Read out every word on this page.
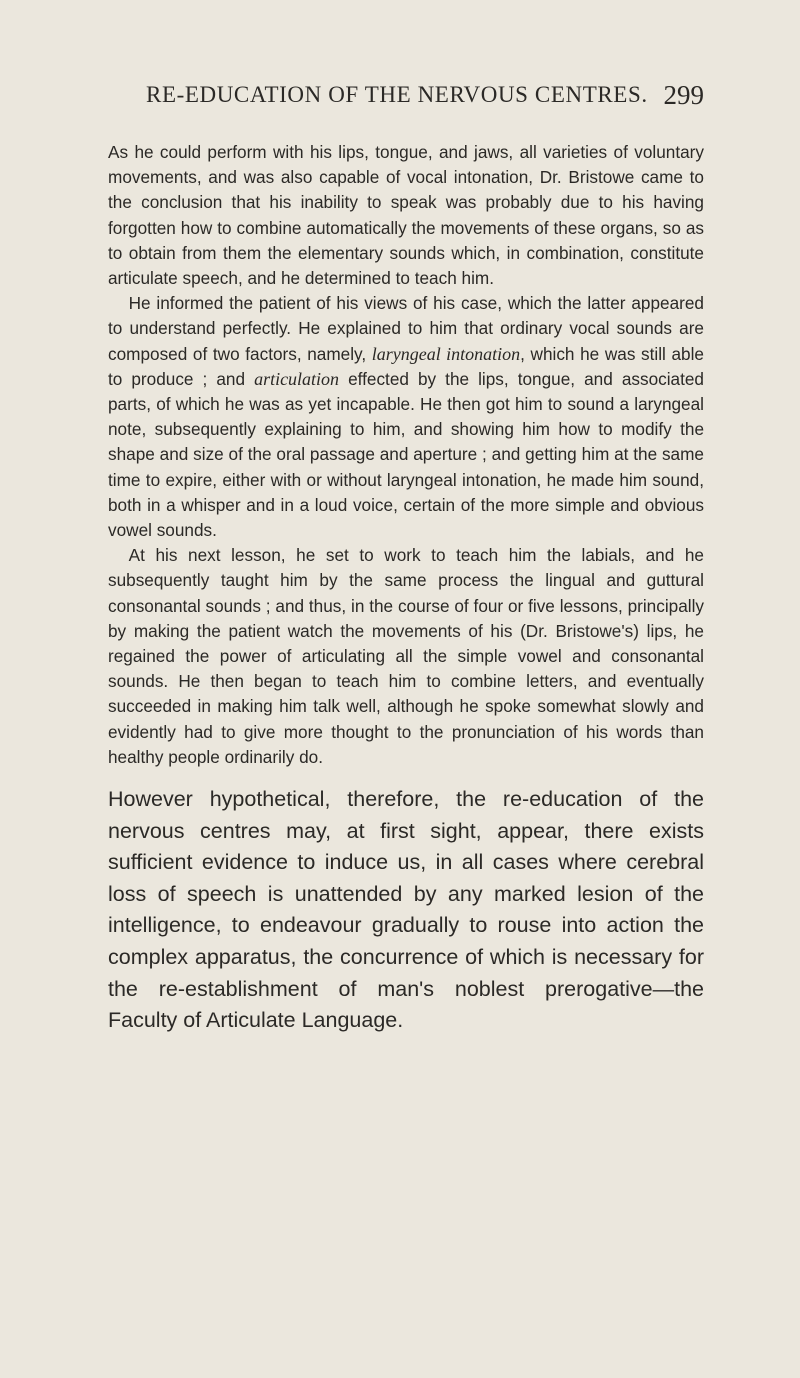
RE-EDUCATION OF THE NERVOUS CENTRES. 299

As he could perform with his lips, tongue, and jaws, all varieties of voluntary movements, and was also capable of vocal intonation, Dr. Bristowe came to the conclusion that his inability to speak was probably due to his having forgotten how to combine automatically the movements of these organs, so as to obtain from them the elementary sounds which, in combination, constitute articulate speech, and he determined to teach him.

He informed the patient of his views of his case, which the latter appeared to understand perfectly. He explained to him that ordinary vocal sounds are composed of two factors, namely, laryngeal intonation, which he was still able to produce ; and articulation effected by the lips, tongue, and associated parts, of which he was as yet incapable. He then got him to sound a laryngeal note, subsequently explaining to him, and showing him how to modify the shape and size of the oral passage and aperture ; and getting him at the same time to expire, either with or without laryngeal intonation, he made him sound, both in a whisper and in a loud voice, certain of the more simple and obvious vowel sounds.

At his next lesson, he set to work to teach him the labials, and he subsequently taught him by the same process the lingual and guttural consonantal sounds ; and thus, in the course of four or five lessons, principally by making the patient watch the movements of his (Dr. Bristowe's) lips, he regained the power of articulating all the simple vowel and consonantal sounds. He then began to teach him to combine letters, and eventually succeeded in making him talk well, although he spoke somewhat slowly and evidently had to give more thought to the pronunciation of his words than healthy people ordinarily do.

However hypothetical, therefore, the re-education of the nervous centres may, at first sight, appear, there exists sufficient evidence to induce us, in all cases where cerebral loss of speech is unattended by any marked lesion of the intelligence, to endeavour gradually to rouse into action the complex apparatus, the concurrence of which is necessary for the re-establishment of man's noblest prerogative—the Faculty of Articulate Language.
